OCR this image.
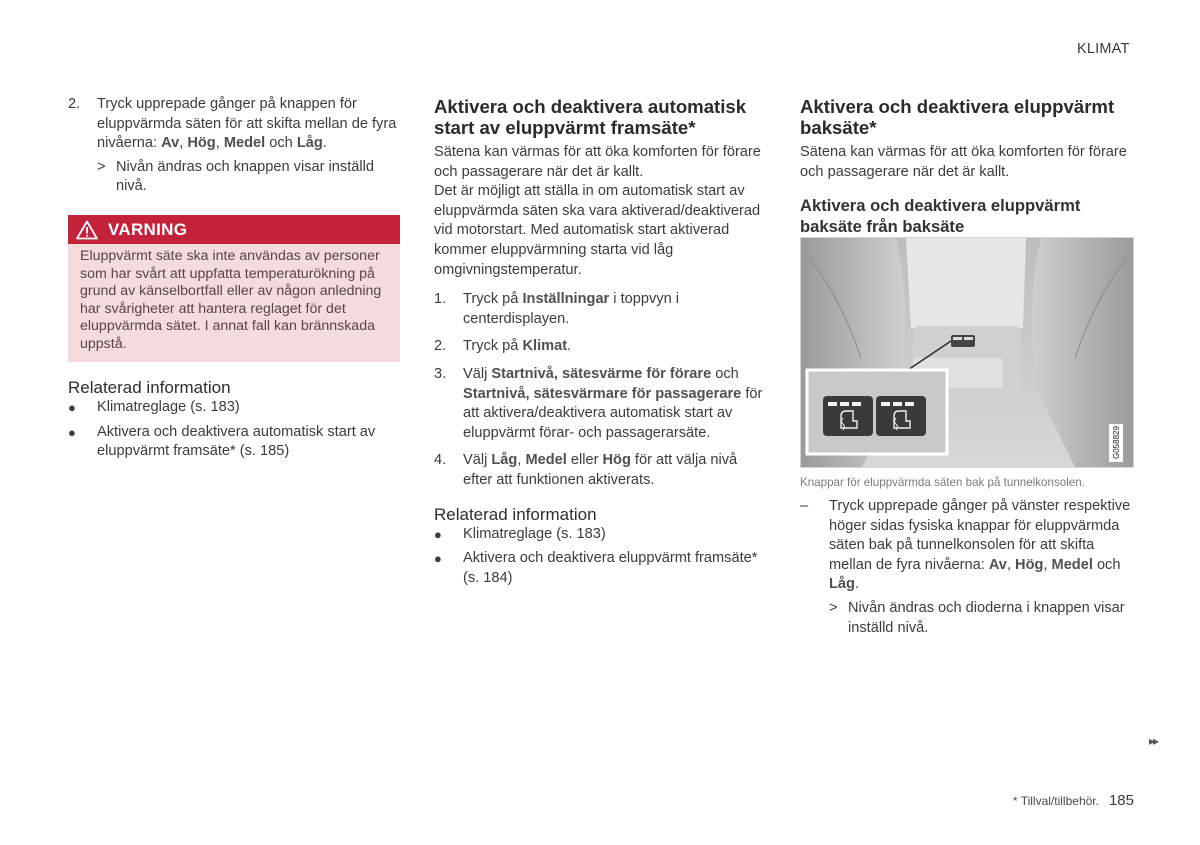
KLIMAT

2. Tryck upprepade gånger på knappen för eluppvärmda säten för att skifta mellan de fyra nivåerna: Av, Hög, Medel och Låg.

> Nivån ändras och knappen visar inställd nivå.

VARNING
Eluppvärmt säte ska inte användas av personer som har svårt att uppfatta temperaturökning på grund av känselbortfall eller av någon anledning har svårigheter att hantera reglaget för det eluppvärmda sätet. I annat fall kan brännskada uppstå.

Relaterad information

● Klimatreglage (s. 183)

● Aktivera och deaktivera automatisk start av eluppvärmt framsäte* (s. 185)

Aktivera och deaktivera automatisk start av eluppvärmt framsäte*

Sätena kan värmas för att öka komforten för förare och passagerare när det är kallt.

Det är möjligt att ställa in om automatisk start av eluppvärmda säten ska vara aktiverad/deaktiverad vid motorstart. Med automatisk start aktiverad kommer eluppvärmning starta vid låg omgivningstemperatur.

1. Tryck på Inställningar i toppvyn i centerdisplayen.

2. Tryck på Klimat.

3. Välj Startnivå, sätesvärme för förare och Startnivå, sätesvärmare för passagerare för att aktivera/deaktivera automatisk start av eluppvärmt förar- och passagerarsäte.

4. Välj Låg, Medel eller Hög för att välja nivå efter att funktionen aktiverats.

Relaterad information

● Klimatreglage (s. 183)

● Aktivera och deaktivera eluppvärmt framsäte* (s. 184)

Aktivera och deaktivera eluppvärmt baksäte*

Sätena kan värmas för att öka komforten för förare och passagerare när det är kallt.

Aktivera och deaktivera eluppvärmt baksäte från baksäte

G058829
Knappar för eluppvärmda säten bak på tunnelkonsolen.

– Tryck upprepade gånger på vänster respektive höger sidas fysiska knappar för eluppvärmda säten bak på tunnelkonsolen för att skifta mellan de fyra nivåerna: Av, Hög, Medel och Låg.

> Nivån ändras och dioderna i knappen visar inställd nivå.

▸▸
* Tillval/tillbehör. 185
